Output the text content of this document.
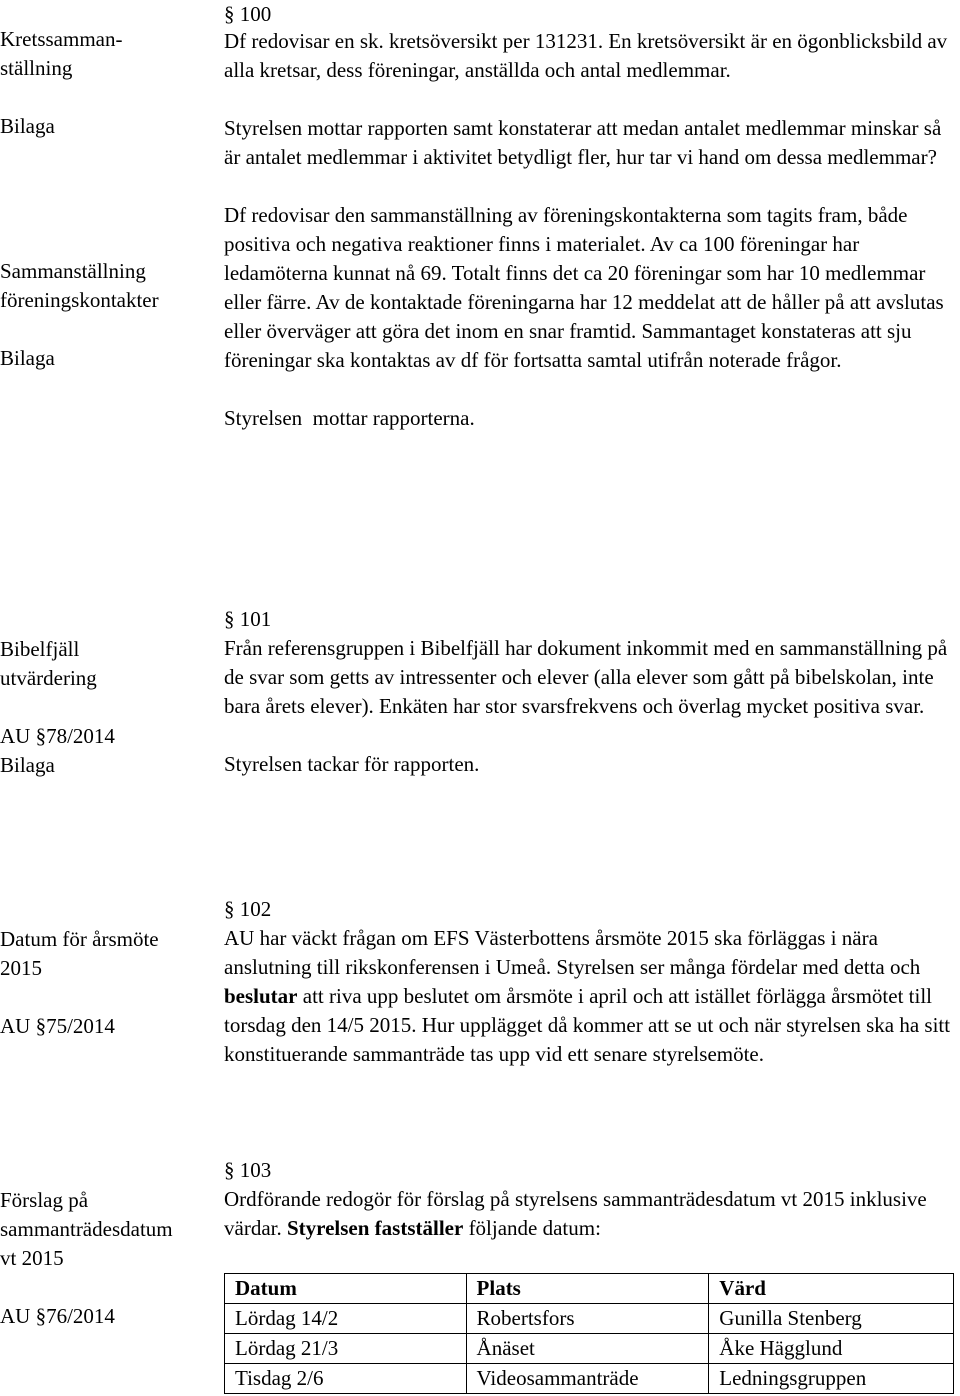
Kretssamman-
ställning
Bilaga
Sammanställning
föreningskontakter
Bilaga
§ 100

Df redovisar en sk. kretsöversikt per 131231. En kretsöversikt är en ögonblicksbild av alla kretsar, dess föreningar, anställda och antal medlemmar.

Styrelsen mottar rapporten samt konstaterar att medan antalet medlemmar minskar så är antalet medlemmar i aktivitet betydligt fler, hur tar vi hand om dessa medlemmar?

Df redovisar den sammanställning av föreningskontakterna som tagits fram, både positiva och negativa reaktioner finns i materialet. Av ca 100 föreningar har ledamöterna kunnat nå 69. Totalt finns det ca 20 föreningar som har 10 medlemmar eller färre. Av de kontaktade föreningarna har 12 meddelat att de håller på att avslutas eller överväger att göra det inom en snar framtid. Sammantaget konstateras att sju föreningar ska kontaktas av df för fortsatta samtal utifrån noterade frågor.

Styrelsen  mottar rapporterna.

Bibelfjäll
utvärdering
AU §78/2014
Bilaga
§ 101

Från referensgruppen i Bibelfjäll har dokument inkommit med en sammanställning på de svar som getts av intressenter och elever (alla elever som gått på bibelskolan, inte bara årets elever). Enkäten har stor svarsfrekvens och överlag mycket positiva svar.

Styrelsen tackar för rapporten.

Datum för årsmöte
2015
AU §75/2014
§ 102

AU har väckt frågan om EFS Västerbottens årsmöte 2015 ska förläggas i nära anslutning till rikskonferensen i Umeå. Styrelsen ser många fördelar med detta och beslutar att riva upp beslutet om årsmöte i april och att istället förlägga årsmötet till torsdag den 14/5 2015. Hur upplägget då kommer att se ut och när styrelsen ska ha sitt konstituerande sammanträde tas upp vid ett senare styrelsemöte.

Förslag på
sammanträdesdatum
vt 2015
AU §76/2014
§ 103

Ordförande redogör för förslag på styrelsens sammanträdesdatum vt 2015 inklusive värdar. Styrelsen fastställer följande datum:

Datum	Plats	Värd
Lördag 14/2	Robertsfors	Gunilla Stenberg
Lördag 21/3	Ånäset	Åke Hägglund
Tisdag 2/6	Videosammanträde	Ledningsgruppen
